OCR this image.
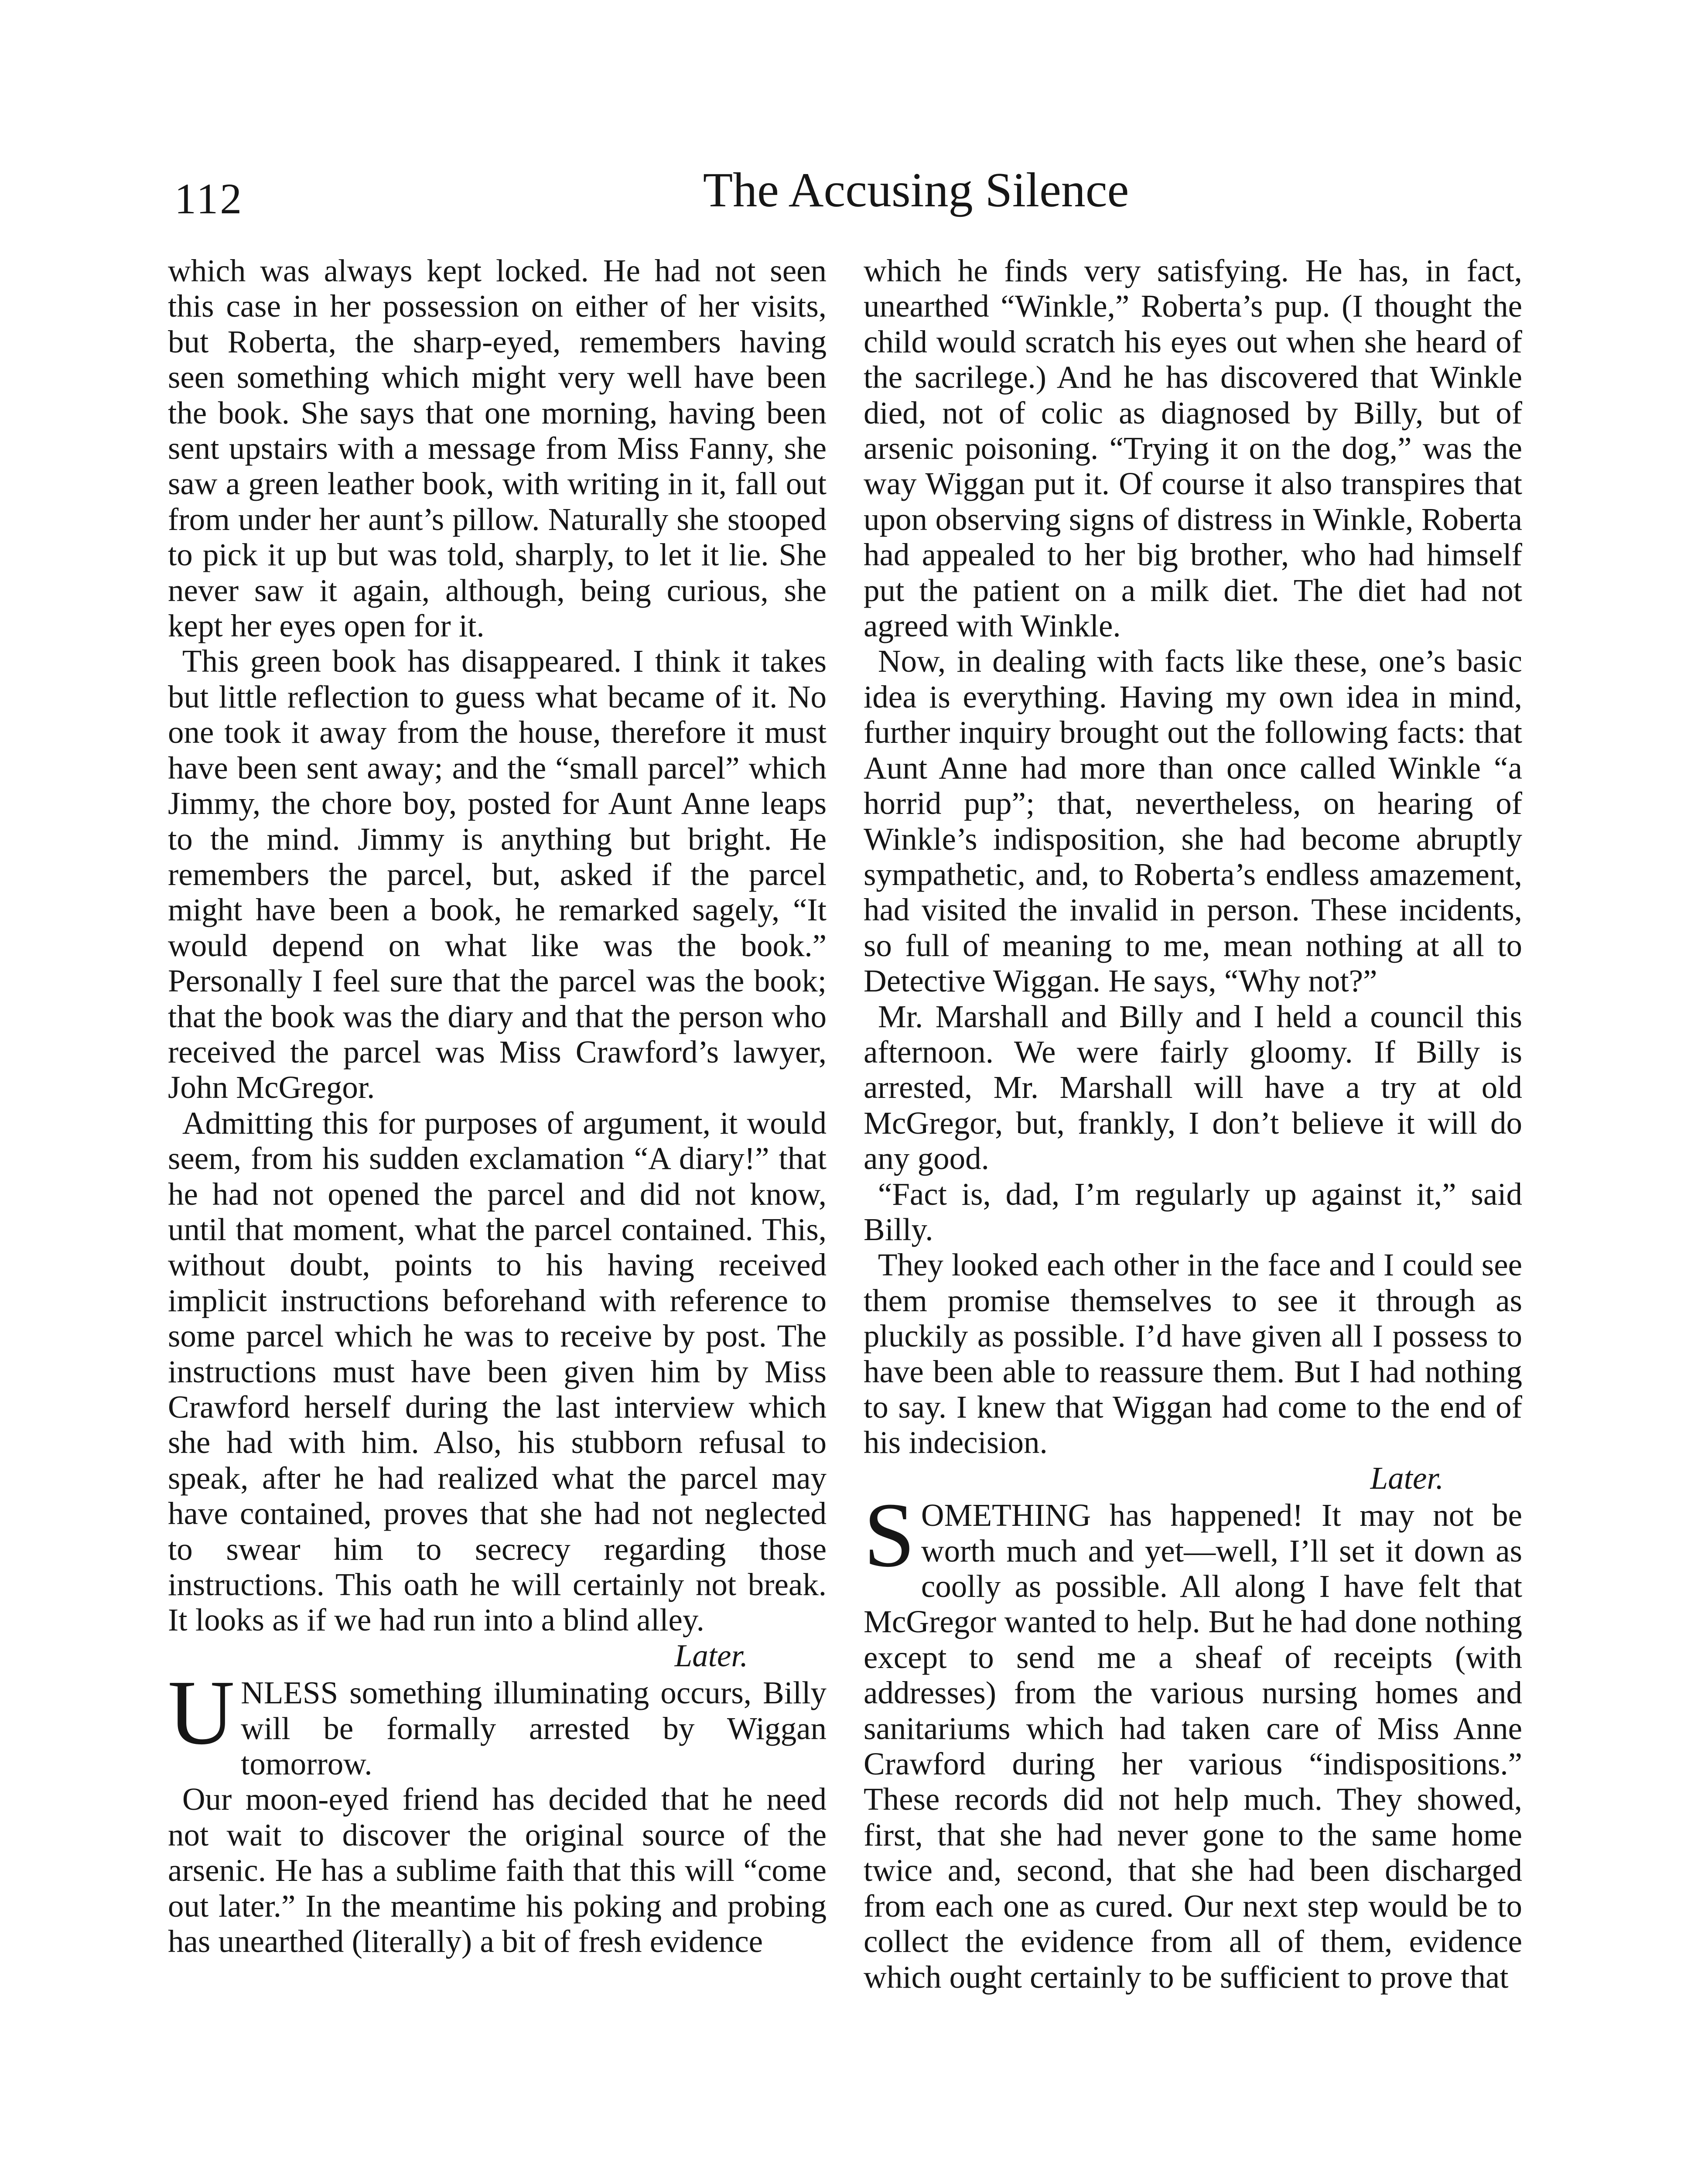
112	The Accusing Silence

which was always kept locked. He had not seen this case in her possession on either of her visits, but Roberta, the sharp-eyed, remembers having seen something which might very well have been the book. She says that one morning, having been sent upstairs with a message from Miss Fanny, she saw a green leather book, with writing in it, fall out from under her aunt’s pillow. Naturally she stooped to pick it up but was told, sharply, to let it lie. She never saw it again, although, being curious, she kept her eyes open for it.

This green book has disappeared. I think it takes but little reflection to guess what became of it. No one took it away from the house, therefore it must have been sent away; and the “small parcel” which Jimmy, the chore boy, posted for Aunt Anne leaps to the mind. Jimmy is anything but bright. He remembers the parcel, but, asked if the parcel might have been a book, he remarked sagely, “It would depend on what like was the book.” Personally I feel sure that the parcel was the book; that the book was the diary and that the person who received the parcel was Miss Crawford’s lawyer, John McGregor.

Admitting this for purposes of argument, it would seem, from his sudden exclamation “A diary!” that he had not opened the parcel and did not know, until that moment, what the parcel contained. This, without doubt, points to his having received implicit instructions beforehand with reference to some parcel which he was to receive by post. The instructions must have been given him by Miss Crawford herself during the last interview which she had with him. Also, his stubborn refusal to speak, after he had realized what the parcel may have contained, proves that she had not neglected to swear him to secrecy regarding those instructions. This oath he will certainly not break. It looks as if we had run into a blind alley.

Later.

UNLESS something illuminating occurs, Billy will be formally arrested by Wiggan tomorrow.

Our moon-eyed friend has decided that he need not wait to discover the original source of the arsenic. He has a sublime faith that this will “come out later.” In the meantime his poking and probing has unearthed (literally) a bit of fresh evidence

which he finds very satisfying. He has, in fact, unearthed “Winkle,” Roberta’s pup. (I thought the child would scratch his eyes out when she heard of the sacrilege.) And he has discovered that Winkle died, not of colic as diagnosed by Billy, but of arsenic poisoning. “Trying it on the dog,” was the way Wiggan put it. Of course it also transpires that upon observing signs of distress in Winkle, Roberta had appealed to her big brother, who had himself put the patient on a milk diet. The diet had not agreed with Winkle.

Now, in dealing with facts like these, one’s basic idea is everything. Having my own idea in mind, further inquiry brought out the following facts: that Aunt Anne had more than once called Winkle “a horrid pup”; that, nevertheless, on hearing of Winkle’s indisposition, she had become abruptly sympathetic, and, to Roberta’s endless amazement, had visited the invalid in person. These incidents, so full of meaning to me, mean nothing at all to Detective Wiggan. He says, “Why not?”

Mr. Marshall and Billy and I held a council this afternoon. We were fairly gloomy. If Billy is arrested, Mr. Marshall will have a try at old McGregor, but, frankly, I don’t believe it will do any good.

“Fact is, dad, I’m regularly up against it,” said Billy.

They looked each other in the face and I could see them promise themselves to see it through as pluckily as possible. I’d have given all I possess to have been able to reassure them. But I had nothing to say. I knew that Wiggan had come to the end of his indecision.

Later.

SOMETHING has happened! It may not be worth much and yet—well, I’ll set it down as coolly as possible. All along I have felt that McGregor wanted to help. But he had done nothing except to send me a sheaf of receipts (with addresses) from the various nursing homes and sanitariums which had taken care of Miss Anne Crawford during her various “indispositions.” These records did not help much. They showed, first, that she had never gone to the same home twice and, second, that she had been discharged from each one as cured. Our next step would be to collect the evidence from all of them, evidence which ought certainly to be sufficient to prove that
